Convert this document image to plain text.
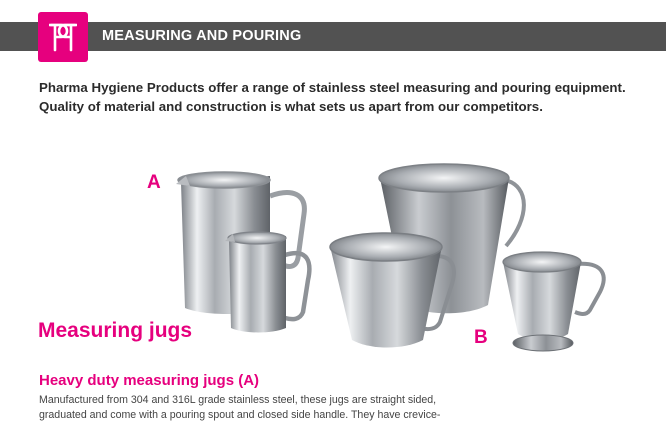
MEASURING AND POURING

Pharma Hygiene Products offer a range of stainless steel measuring and pouring equipment.

Quality of material and construction is what sets us apart from our competitors.

A
B
Measuring jugs
Heavy duty measuring jugs (A)
Manufactured from 304 and 316L grade stainless steel, these jugs are straight sided,
graduated and come with a pouring spout and closed side handle. They have crevice-
